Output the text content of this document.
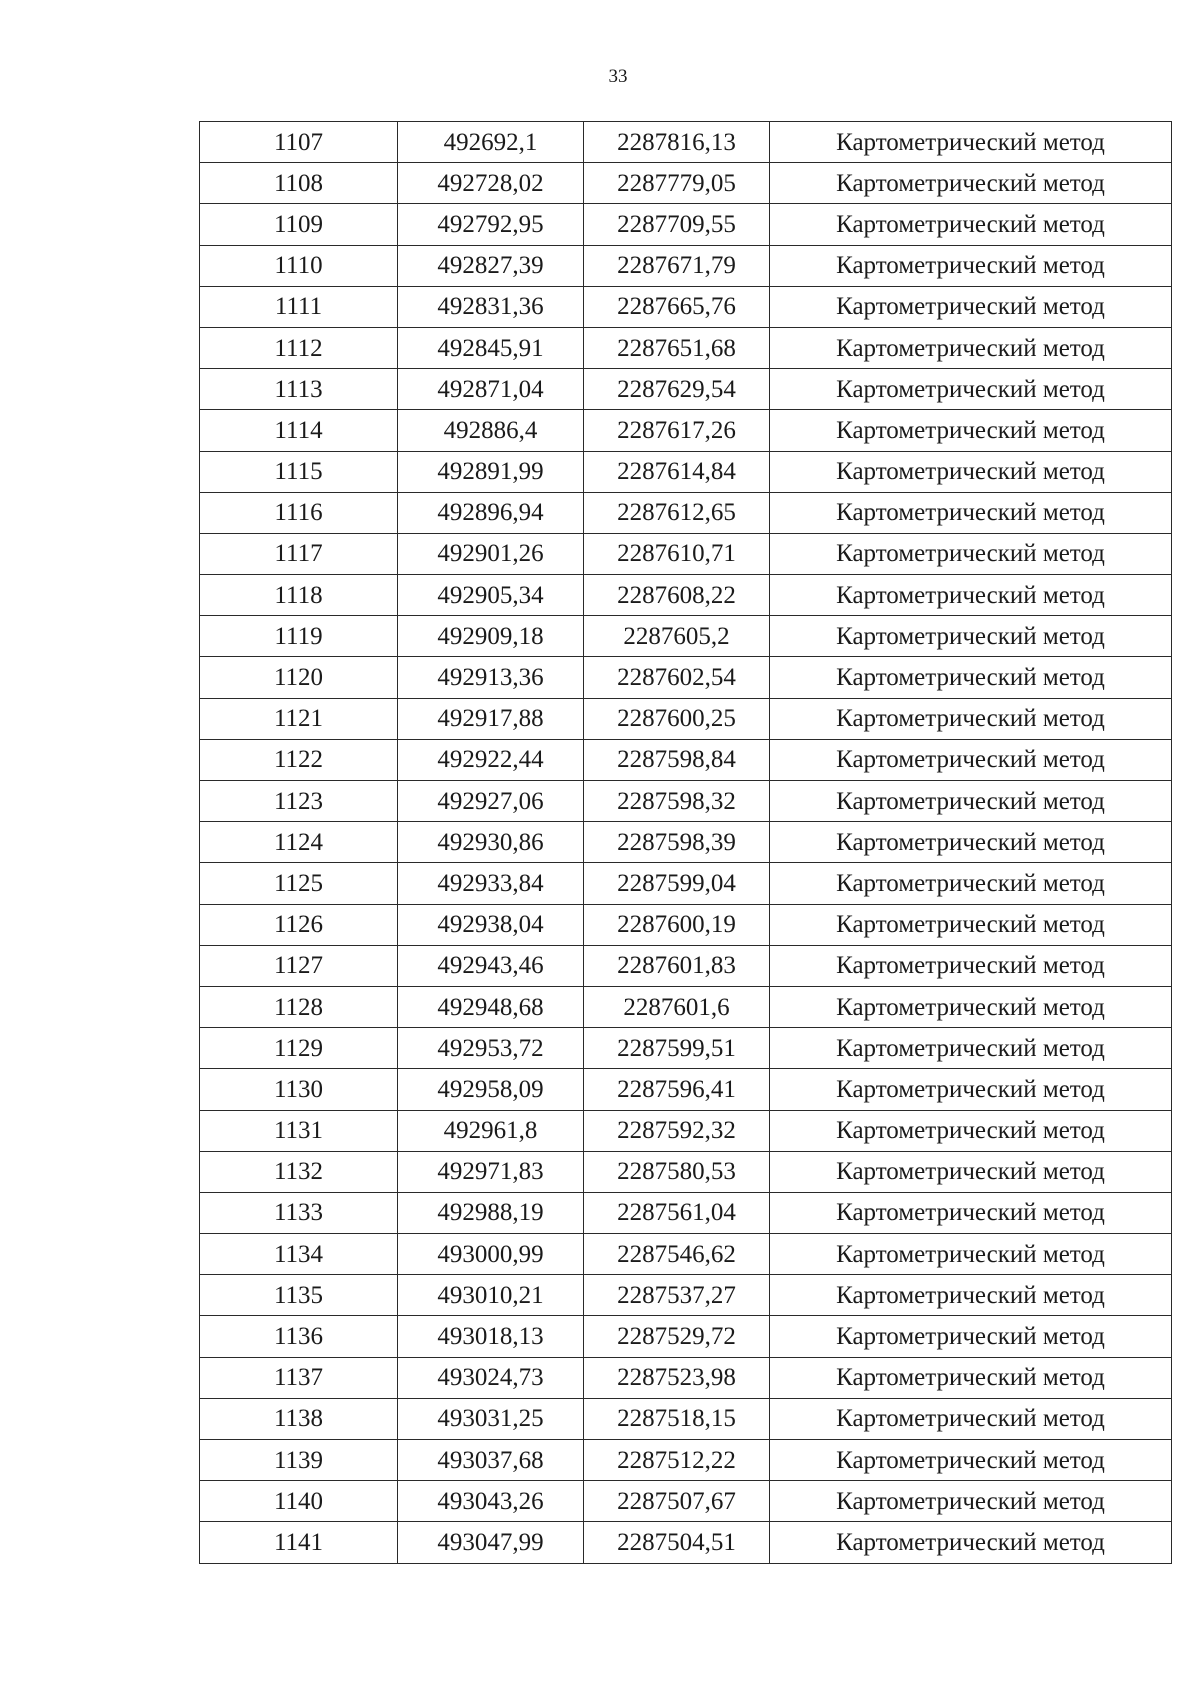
33
1107	492692,1	2287816,13	Картометрический метод
1108	492728,02	2287779,05	Картометрический метод
1109	492792,95	2287709,55	Картометрический метод
1110	492827,39	2287671,79	Картометрический метод
1111	492831,36	2287665,76	Картометрический метод
1112	492845,91	2287651,68	Картометрический метод
1113	492871,04	2287629,54	Картометрический метод
1114	492886,4	2287617,26	Картометрический метод
1115	492891,99	2287614,84	Картометрический метод
1116	492896,94	2287612,65	Картометрический метод
1117	492901,26	2287610,71	Картометрический метод
1118	492905,34	2287608,22	Картометрический метод
1119	492909,18	2287605,2	Картометрический метод
1120	492913,36	2287602,54	Картометрический метод
1121	492917,88	2287600,25	Картометрический метод
1122	492922,44	2287598,84	Картометрический метод
1123	492927,06	2287598,32	Картометрический метод
1124	492930,86	2287598,39	Картометрический метод
1125	492933,84	2287599,04	Картометрический метод
1126	492938,04	2287600,19	Картометрический метод
1127	492943,46	2287601,83	Картометрический метод
1128	492948,68	2287601,6	Картометрический метод
1129	492953,72	2287599,51	Картометрический метод
1130	492958,09	2287596,41	Картометрический метод
1131	492961,8	2287592,32	Картометрический метод
1132	492971,83	2287580,53	Картометрический метод
1133	492988,19	2287561,04	Картометрический метод
1134	493000,99	2287546,62	Картометрический метод
1135	493010,21	2287537,27	Картометрический метод
1136	493018,13	2287529,72	Картометрический метод
1137	493024,73	2287523,98	Картометрический метод
1138	493031,25	2287518,15	Картометрический метод
1139	493037,68	2287512,22	Картометрический метод
1140	493043,26	2287507,67	Картометрический метод
1141	493047,99	2287504,51	Картометрический метод
